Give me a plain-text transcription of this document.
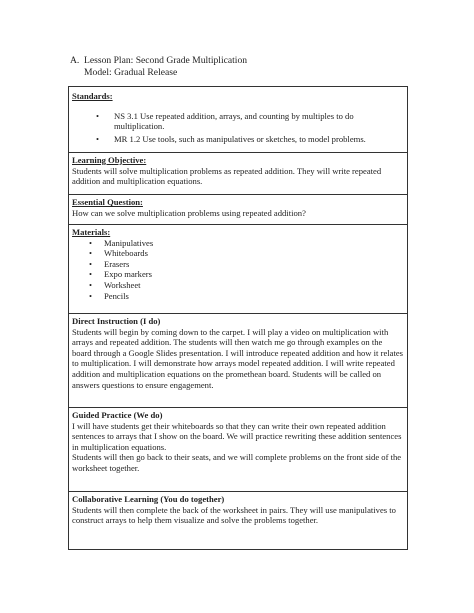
A. Lesson Plan: Second Grade Multiplication
Model: Gradual Release

Standards:

• NS 3.1 Use repeated addition, arrays, and counting by multiples to do multiplication.
• MR 1.2 Use tools, such as manipulatives or sketches, to model problems.

Learning Objective:

Students will solve multiplication problems as repeated addition. They will write repeated addition and multiplication equations.

Essential Question:

How can we solve multiplication problems using repeated addition?

Materials:

• Manipulatives
• Whiteboards
• Erasers
• Expo markers
• Worksheet
• Pencils

Direct Instruction (I do)

Students will begin by coming down to the carpet. I will play a video on multiplication with arrays and repeated addition. The students will then watch me go through examples on the board through a Google Slides presentation. I will introduce repeated addition and how it relates to multiplication. I will demonstrate how arrays model repeated addition. I will write repeated addition and multiplication equations on the promethean board. Students will be called on answers questions to ensure engagement.

Guided Practice (We do)

I will have students get their whiteboards so that they can write their own repeated addition sentences to arrays that I show on the board. We will practice rewriting these addition sentences in multiplication equations.

Students will then go back to their seats, and we will complete problems on the front side of the worksheet together.

Collaborative Learning (You do together)

Students will then complete the back of the worksheet in pairs. They will use manipulatives to construct arrays to help them visualize and solve the problems together.
